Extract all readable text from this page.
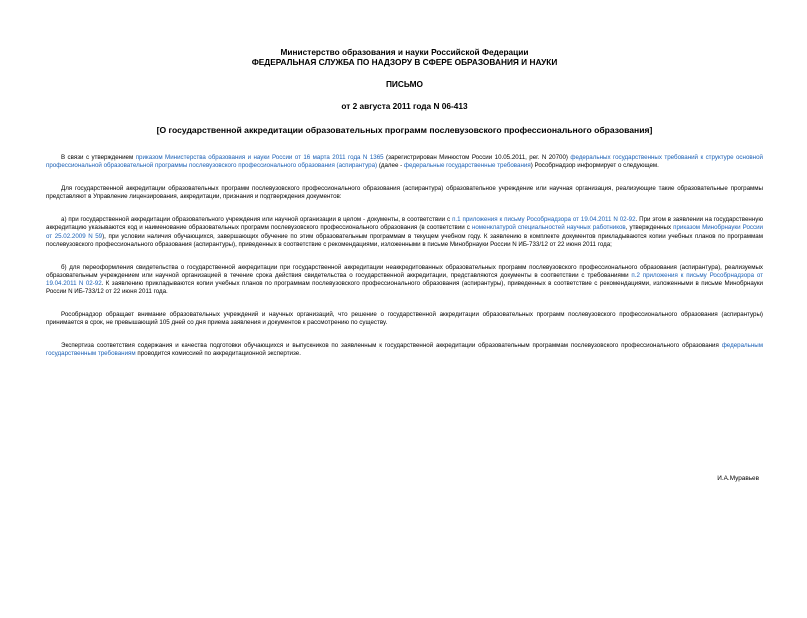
Министерство образования и науки Российской Федерации
ФЕДЕРАЛЬНАЯ СЛУЖБА ПО НАДЗОРУ В СФЕРЕ ОБРАЗОВАНИЯ И НАУКИ
ПИСЬМО
от 2 августа 2011 года N 06-413
[О государственной аккредитации образовательных программ послевузовского профессионального образования]

В связи с утверждением приказом Министерства образования и науки России от 16 марта 2011 года N 1365 (зарегистрирован Минюстом России 10.05.2011, рег. N 20700) федеральных государственных требований к структуре основной профессиональной образовательной программы послевузовского профессионального образования (аспирантура) (далее - федеральные государственные требования) Рособрнадзор информирует о следующем.

Для государственной аккредитации образовательных программ послевузовского профессионального образования (аспирантура) образовательное учреждение или научная организация, реализующие такие образовательные программы представляют в Управление лицензирования, аккредитации, признания и подтверждения документов:

а) при государственной аккредитации образовательного учреждения или научной организации в целом - документы, в соответствии с п.1 приложения к письму Рособрнадзора от 19.04.2011 N 02-92. При этом в заявлении на государственную аккредитацию указываются код и наименование образовательных программ послевузовского профессионального образования (в соответствии с номенклатурой специальностей научных работников, утвержденных приказом Минобрнауки России от 25.02.2009 N 59), при условии наличия обучающихся, завершающих обучение по этим образовательным программам в текущем учебном году. К заявлению в комплекте документов прикладываются копии учебных планов по программам послевузовского профессионального образования (аспирантуры), приведенных в соответствие с рекомендациями, изложенными в письме Минобрнауки России N ИБ-733/12 от 22 июня 2011 года;

б) для переоформления свидетельства о государственной аккредитации при государственной аккредитации неаккредитованных образовательных программ послевузовского профессионального образования (аспирантура), реализуемых образовательным учреждением или научной организацией в течение срока действия свидетельства о государственной аккредитации, представляются документы в соответствии с требованиями п.2 приложения к письму Рособрнадзора от 19.04.2011 N 02-92. К заявлению прикладываются копии учебных планов по программам послевузовского профессионального образования (аспирантуры), приведенных в соответствие с рекомендациями, изложенными в письме Минобрнауки России N ИБ-733/12 от 22 июня 2011 года.

Рособрнадзор обращает внимание образовательных учреждений и научных организаций, что решение о государственной аккредитации образовательных программ послевузовского профессионального образования (аспирантуры) принимается в срок, не превышающий 105 дней со дня приема заявления и документов к рассмотрению по существу.

Экспертиза соответствия содержания и качества подготовки обучающихся и выпускников по заявленным к государственной аккредитации образовательным программам послевузовского профессионального образования федеральным государственным требованиям проводится комиссией по аккредитационной экспертизе.

И.А.Муравьев
